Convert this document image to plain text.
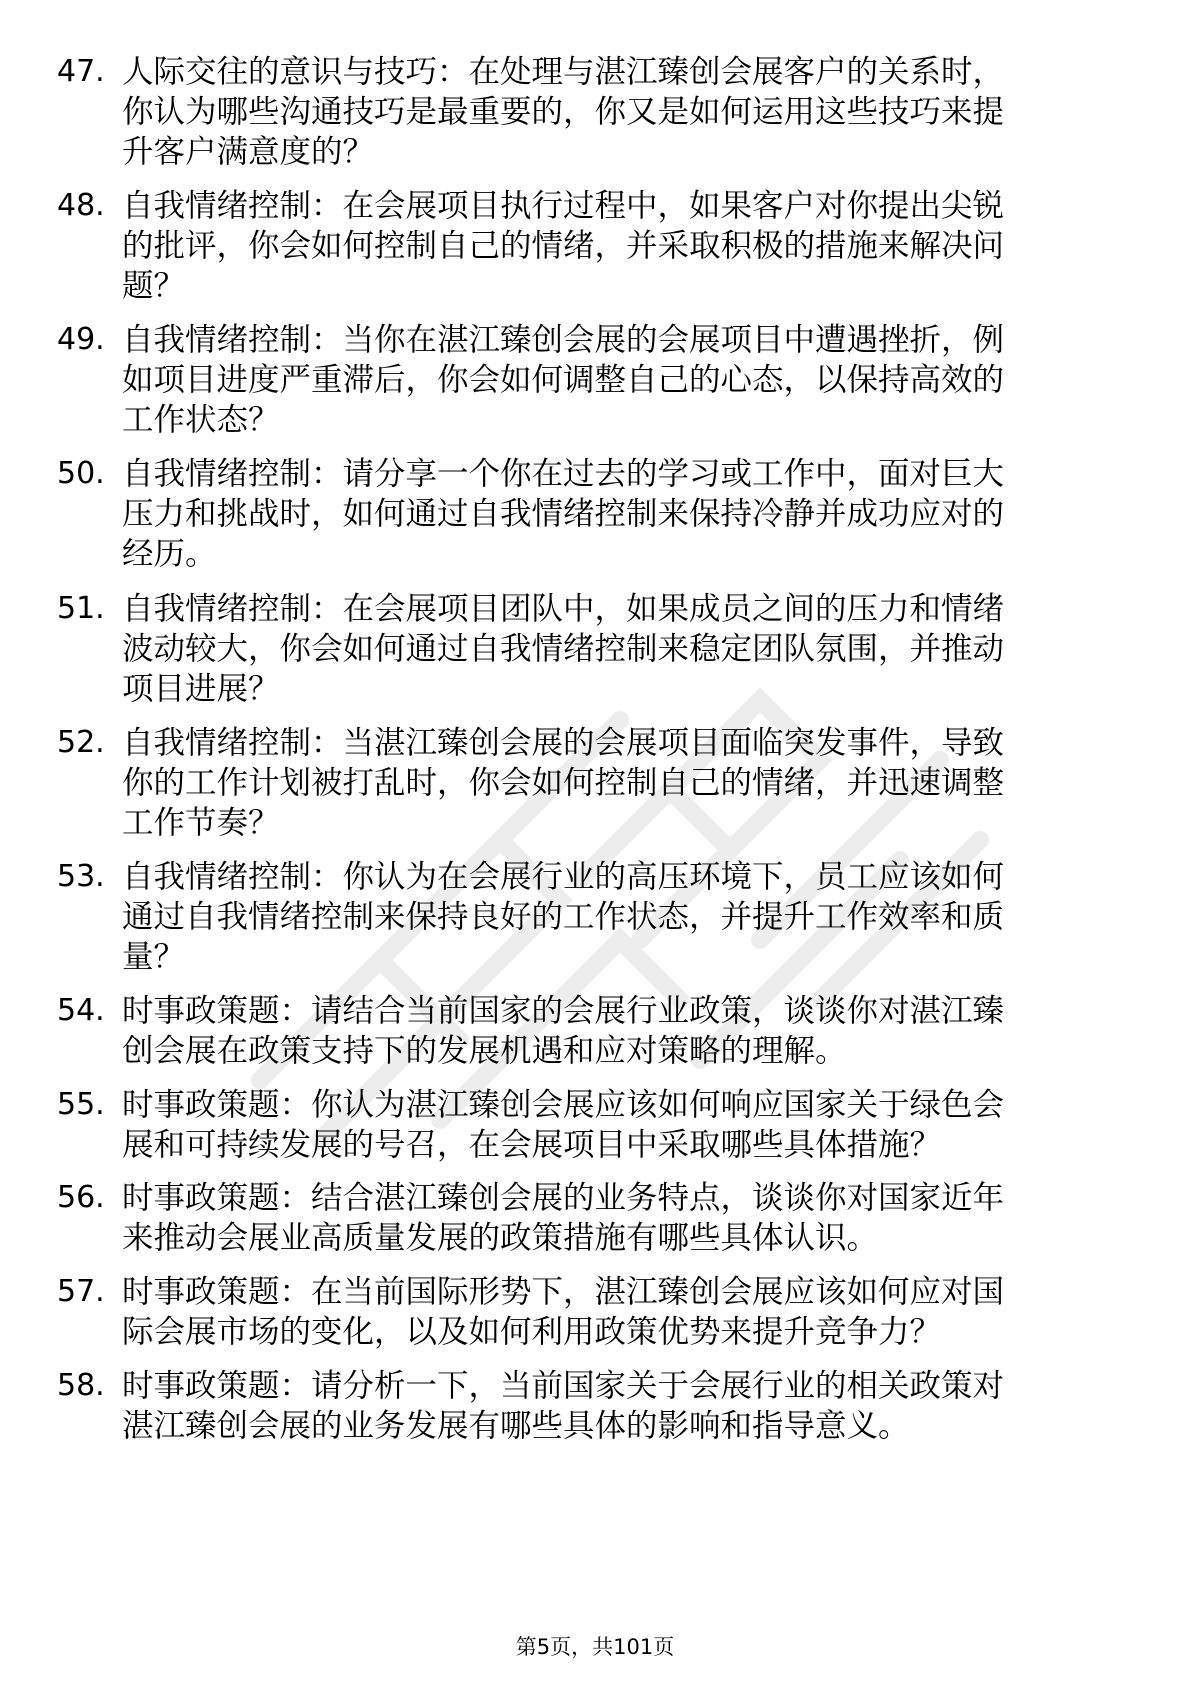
47. 人际交往的意识与技巧：在处理与湛江臻创会展客户的关系时，
你认为哪些沟通技巧是最重要的，你又是如何运用这些技巧来提
升客户满意度的？
48. 自我情绪控制：在会展项目执行过程中，如果客户对你提出尖锐
的批评，你会如何控制自己的情绪，并采取积极的措施来解决问
题？
49. 自我情绪控制：当你在湛江臻创会展的会展项目中遭遇挫折，例
如项目进度严重滞后，你会如何调整自己的心态，以保持高效的
工作状态？
50. 自我情绪控制：请分享一个你在过去的学习或工作中，面对巨大
压力和挑战时，如何通过自我情绪控制来保持冷静并成功应对的
经历。
51. 自我情绪控制：在会展项目团队中，如果成员之间的压力和情绪
波动较大，你会如何通过自我情绪控制来稳定团队氛围，并推动
项目进展？
52. 自我情绪控制：当湛江臻创会展的会展项目面临突发事件，导致
你的工作计划被打乱时，你会如何控制自己的情绪，并迅速调整
工作节奏？
53. 自我情绪控制：你认为在会展行业的高压环境下，员工应该如何
通过自我情绪控制来保持良好的工作状态，并提升工作效率和质
量？
54. 时事政策题：请结合当前国家的会展行业政策，谈谈你对湛江臻
创会展在政策支持下的发展机遇和应对策略的理解。
55. 时事政策题：你认为湛江臻创会展应该如何响应国家关于绿色会
展和可持续发展的号召，在会展项目中采取哪些具体措施？
56. 时事政策题：结合湛江臻创会展的业务特点，谈谈你对国家近年
来推动会展业高质量发展的政策措施有哪些具体认识。
57. 时事政策题：在当前国际形势下，湛江臻创会展应该如何应对国
际会展市场的变化，以及如何利用政策优势来提升竞争力？
58. 时事政策题：请分析一下，当前国家关于会展行业的相关政策对
湛江臻创会展的业务发展有哪些具体的影响和指导意义。
第5页，共101页
